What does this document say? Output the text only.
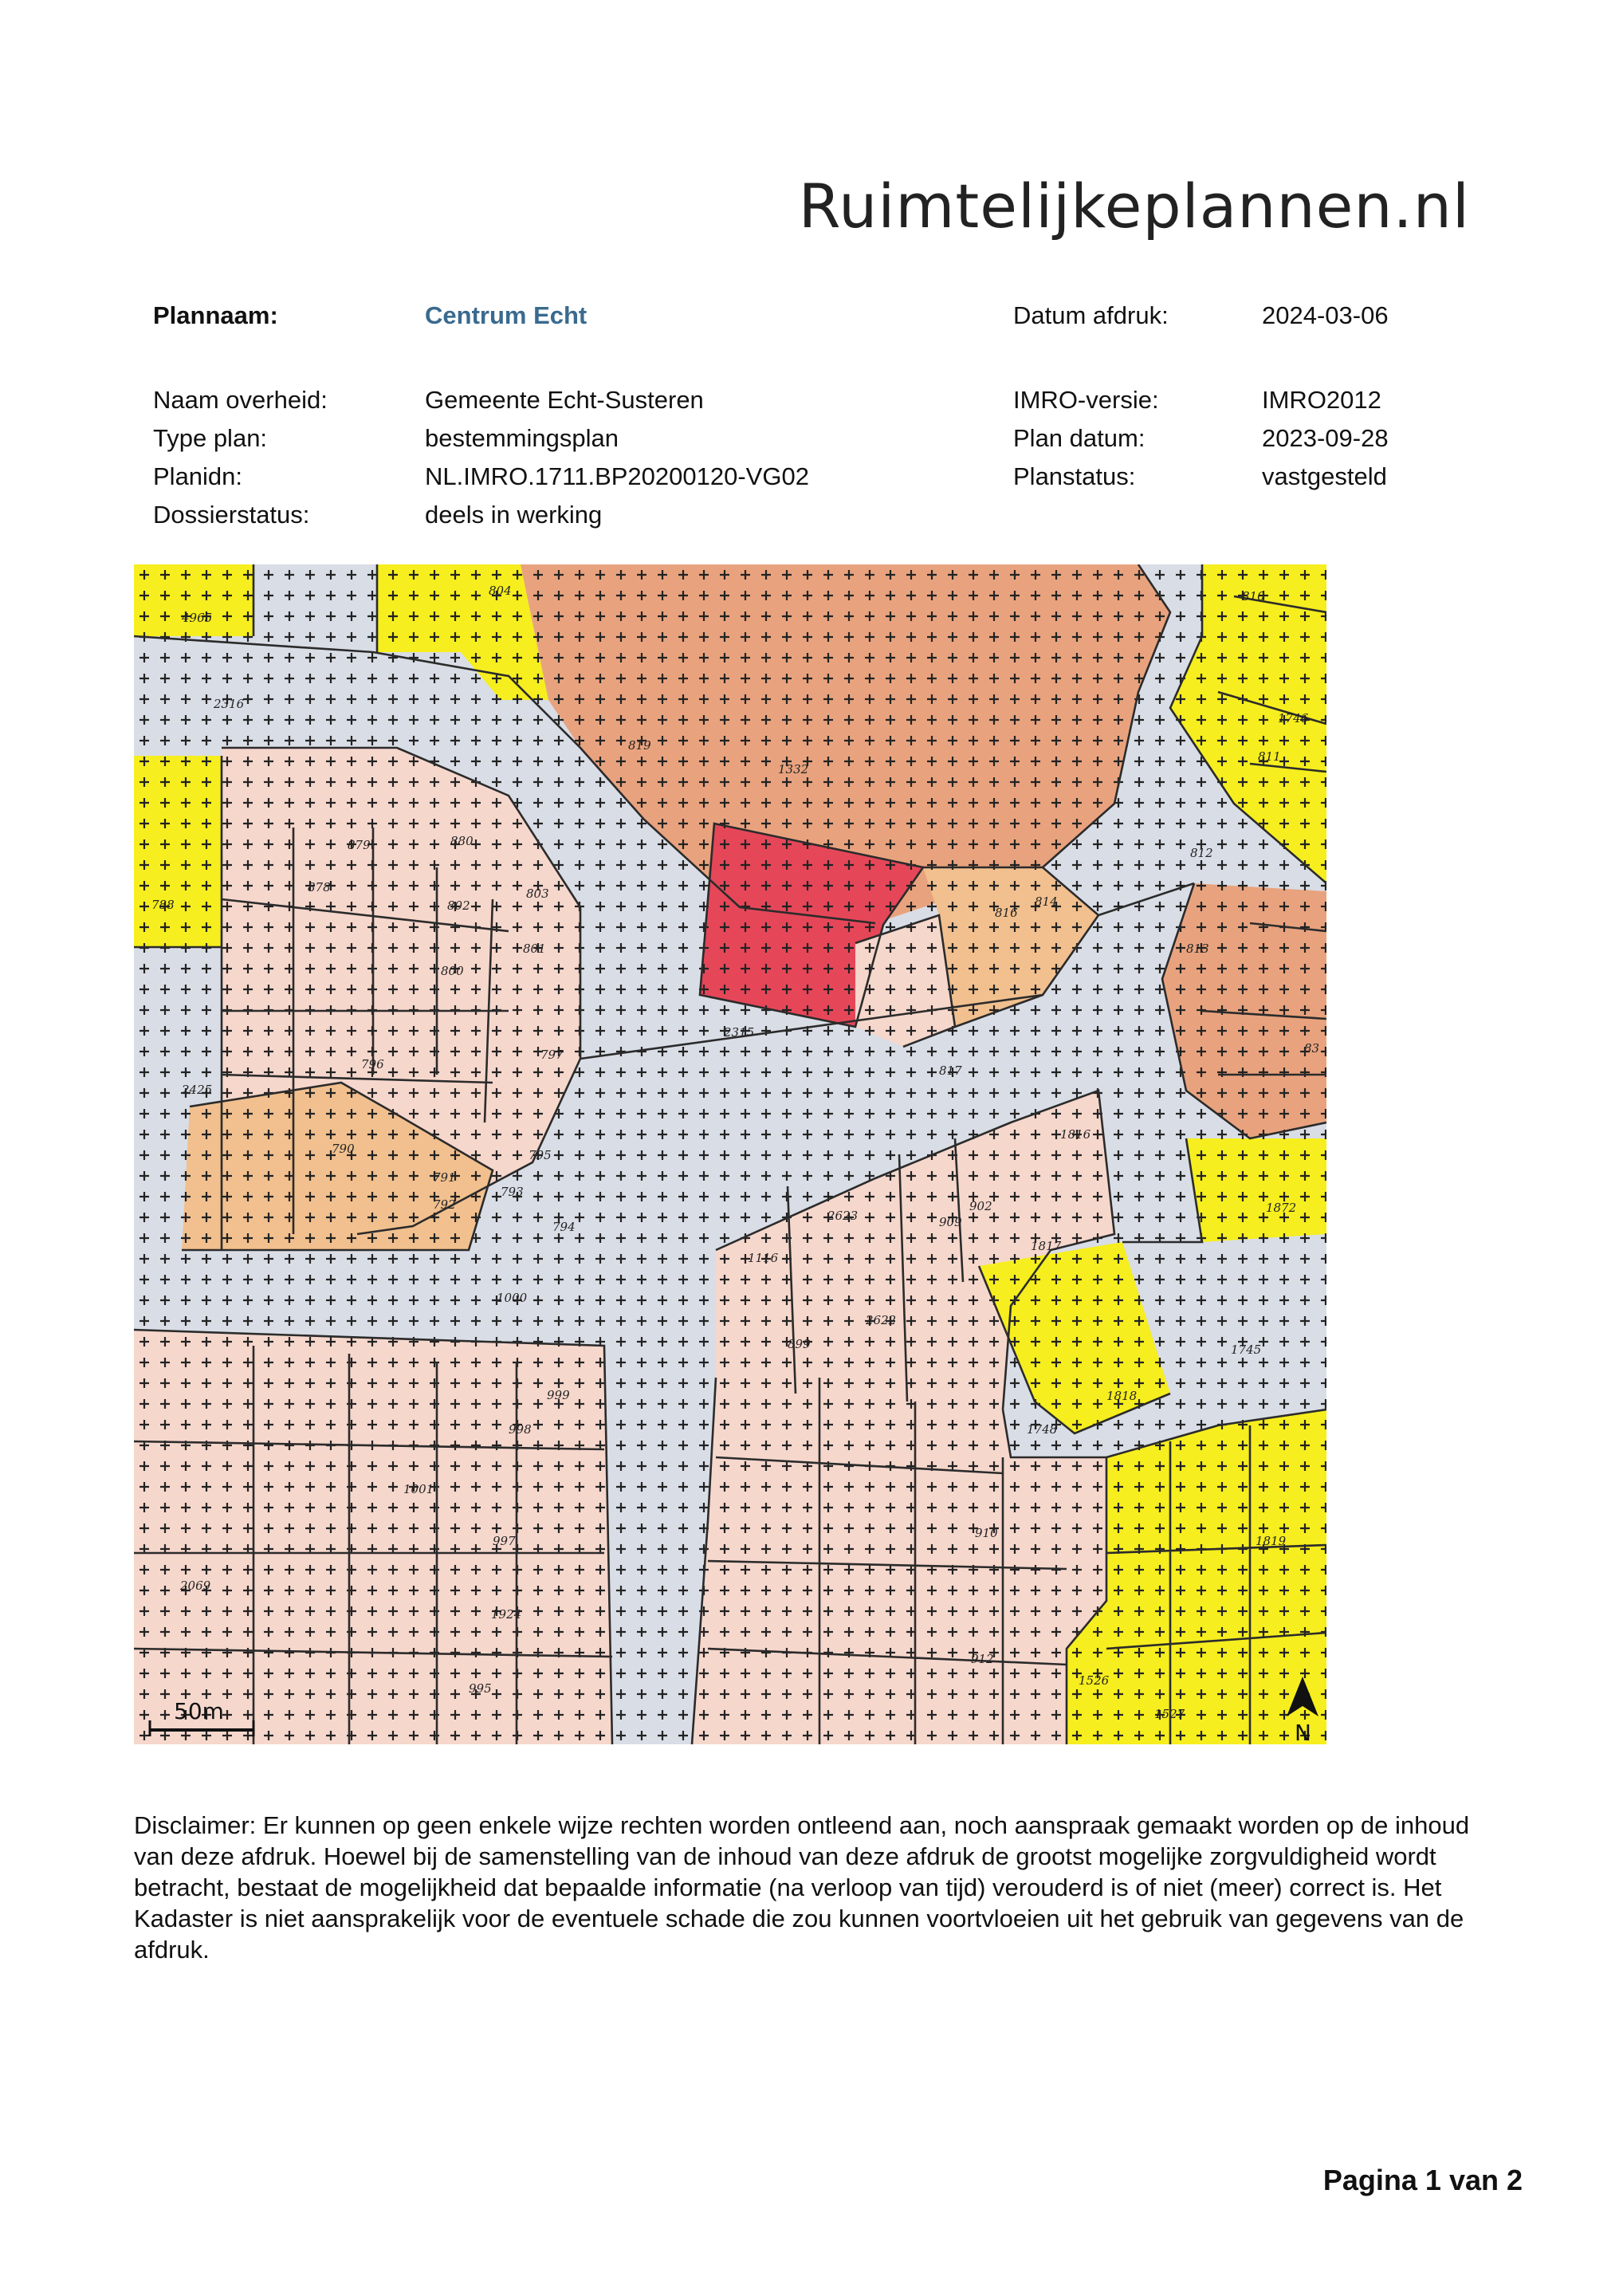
Ruimtelijkeplannen.nl
Plannaam:	Centrum Echt	Datum afdruk:	2024-03-06
Naam overheid:	Gemeente Echt-Susteren	IMRO-versie:	IMRO2012
Type plan:	bestemmingsplan	Plan datum:	2023-09-28
Planidn:	NL.IMRO.1711.BP20200120-VG02	Planstatus:	vastgesteld
Dossierstatus:	deels in werking
4965
804	810
2316
819
1332
1746
811
879	880
812
878
802
803
788	814
816
813
801
800
2315
797
796	817
83
2425
1816
790	795
791
792
793
794
902
909
2623
1817
1872
1116
1000
2622
899	1745
999	1818
998	1748
1001
997
910
1819
2069
1924
912
1526
995
1527
50m
N
Disclaimer: Er kunnen op geen enkele wijze rechten worden ontleend aan, noch aanspraak gemaakt worden op de inhoud van deze afdruk. Hoewel bij de samenstelling van de inhoud van deze afdruk de grootst mogelijke zorgvuldigheid wordt betracht, bestaat de mogelijkheid dat bepaalde informatie (na verloop van tijd) verouderd is of niet (meer) correct is. Het Kadaster is niet aansprakelijk voor de eventuele schade die zou kunnen voortvloeien uit het gebruik van gegevens van de afdruk.
Pagina 1 van 2
